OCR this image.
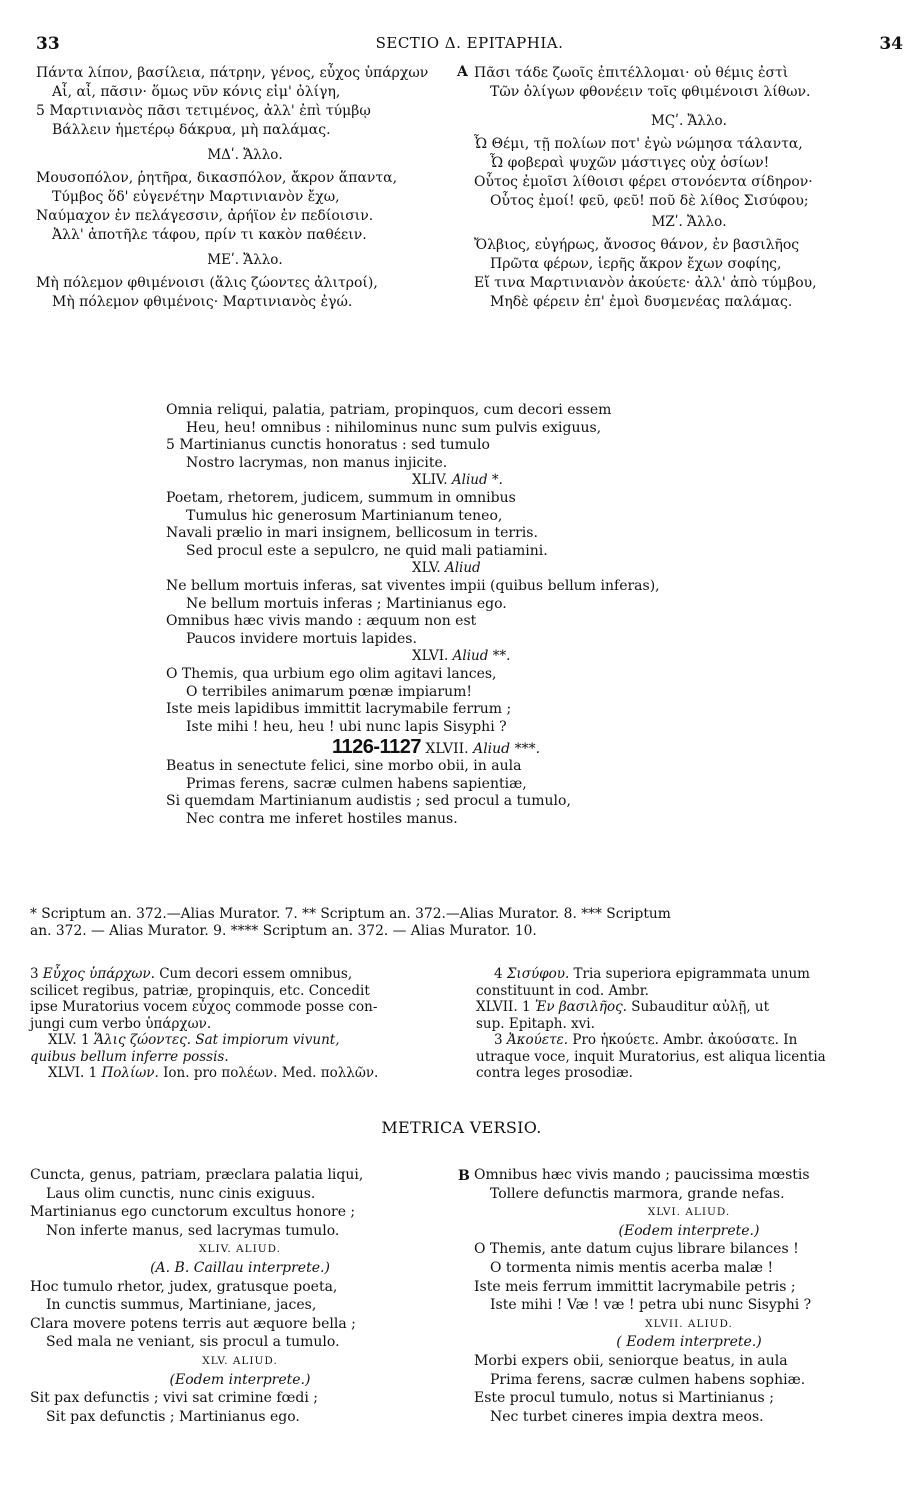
33	SECTIO Δ. EPITAPHIA.	34
Πάντα λίπον, βασίλεια, πάτρην, γένος, εὖχος ὑπάρχων
Αἶ, αἶ, πᾶσιν· ὅμως νῦν κόνις εἰμ' ὀλίγη,
5 Μαρτινιανὸς πᾶσι τετιμένος, ἀλλ' ἐπὶ τύμβῳ
Βάλλειν ἡμετέρῳ δάκρυα, μὴ παλάμας.
ΜΔʹ. Ἄλλο.
Μουσοπόλον, ῥητῆρα, δικασπόλον, ἄκρον ἅπαντα,
Τύμβος ὅδ' εὐγενέτην Μαρτινιανὸν ἔχω,
Ναύμαχον ἐν πελάγεσσιν, ἀρήϊον ἐν πεδίοισιν.
Ἀλλ' ἀποτῆλε τάφου, πρίν τι κακὸν παθέειν.
ΜΕʹ. Ἄλλο.
Μὴ πόλεμον φθιμένοισι (ἅλις ζώοντες ἀλιτροί),
Μὴ πόλεμον φθιμένοις· Μαρτινιανὸς ἐγώ.
A Πᾶσι τάδε ζωοῖς ἐπιτέλλομαι· οὐ θέμις ἐστὶ
Τῶν ὀλίγων φθονέειν τοῖς φθιμένοισι λίθων.
ΜϚʹ. Ἄλλο.
Ὦ Θέμι, τῇ πολίων ποτ' ἐγὼ νώμησα τάλαντα,
Ὦ φοβεραὶ ψυχῶν μάστιγες οὐχ ὁσίων!
Οὗτος ἐμοῖσι λίθοισι φέρει στονόεντα σίδηρον·
Οὗτος ἐμοί! φεῦ, φεῦ! ποῦ δὲ λίθος Σισύφου;
ΜΖʹ. Ἄλλο.
Ὄλβιος, εὐγήρως, ἄνοσος θάνον, ἐν βασιλῆος
Πρῶτα φέρων, ἱερῆς ἄκρον ἔχων σοφίης,
Εἴ τινα Μαρτινιανὸν ἀκούετε· ἀλλ' ἀπὸ τύμβου,
Μηδὲ φέρειν ἐπ' ἐμοὶ δυσμενέας παλάμας.
Omnia reliqui, palatia, patriam, propinquos, cum decori essem
Heu, heu! omnibus : nihilominus nunc sum pulvis exiguus,
5 Martinianus cunctis honoratus : sed tumulo
Nostro lacrymas, non manus injicite.
XLIV. Aliud *.
Poetam, rhetorem, judicem, summum in omnibus
Tumulus hic generosum Martinianum teneo,
Navali prælio in mari insignem, bellicosum in terris.
Sed procul este a sepulcro, ne quid mali patiamini.
XLV. Aliud
Ne bellum mortuis inferas, sat viventes impii (quibus bellum inferas),
Ne bellum mortuis inferas ; Martinianus ego.
Omnibus hæc vivis mando : æquum non est
Paucos invidere mortuis lapides.
XLVI. Aliud **.
O Themis, qua urbium ego olim agitavi lances,
O terribiles animarum pœnæ impiarum!
Iste meis lapidibus immittit lacrymabile ferrum ;
Iste mihi ! heu, heu ! ubi nunc lapis Sisyphi ?
1126-1127 XLVII. Aliud ***.
Beatus in senectute felici, sine morbo obii, in aula
Primas ferens, sacræ culmen habens sapientiæ,
Si quemdam Martinianum audistis ; sed procul a tumulo,
Nec contra me inferet hostiles manus.
* Scriptum an. 372.—Alias Murator. 7. ** Scriptum an. 372.—Alias Murator. 8. *** Scriptum
an. 372. — Alias Murator. 9. **** Scriptum an. 372. — Alias Murator. 10.
3 Εὖχος ὑπάρχων. Cum decori essem omnibus,
scilicet regibus, patriæ, propinquis, etc. Concedit
ipse Muratorius vocem εὖχος commode posse con-
jungi cum verbo ὑπάρχων.
XLV. 1 Ἅλις ζώοντες. Sat impiorum vivunt,
quibus bellum inferre possis.
XLVI. 1 Πολίων. Ion. pro πολέων. Med. πολλῶν.
4 Σισύφου. Tria superiora epigrammata unum
constituunt in cod. Ambr.
XLVII. 1 Ἐν βασιλῆος. Subauditur αὐλῇ, ut
sup. Epitaph. xvi.
3 Ἀκούετε. Pro ἠκούετε. Ambr. ἀκούσατε. In
utraque voce, inquit Muratorius, est aliqua licentia
contra leges prosodiæ.
METRICA VERSIO.
Cuncta, genus, patriam, præclara palatia liqui,
Laus olim cunctis, nunc cinis exiguus.
Martinianus ego cunctorum excultus honore ;
Non inferte manus, sed lacrymas tumulo.
XLIV. ALIUD.
(A. B. Caillau interprete.)
Hoc tumulo rhetor, judex, gratusque poeta,
In cunctis summus, Martiniane, jaces,
Clara movere potens terris aut æquore bella ;
Sed mala ne veniant, sis procul a tumulo.
XLV. ALIUD.
(Eodem interprete.)
Sit pax defunctis ; vivi sat crimine fœdi ;
Sit pax defunctis ; Martinianus ego.
B Omnibus hæc vivis mando ; paucissima mœstis
Tollere defunctis marmora, grande nefas.
XLVI. ALIUD.
(Eodem interprete.)
O Themis, ante datum cujus librare bilances !
O tormenta nimis mentis acerba malæ !
Iste meis ferrum immittit lacrymabile petris ;
Iste mihi ! Væ ! væ ! petra ubi nunc Sisyphi ?
XLVII. ALIUD.
( Eodem interprete.)
Morbi expers obii, seniorque beatus, in aula
Prima ferens, sacræ culmen habens sophiæ.
Este procul tumulo, notus si Martinianus ;
Nec turbet cineres impia dextra meos.
